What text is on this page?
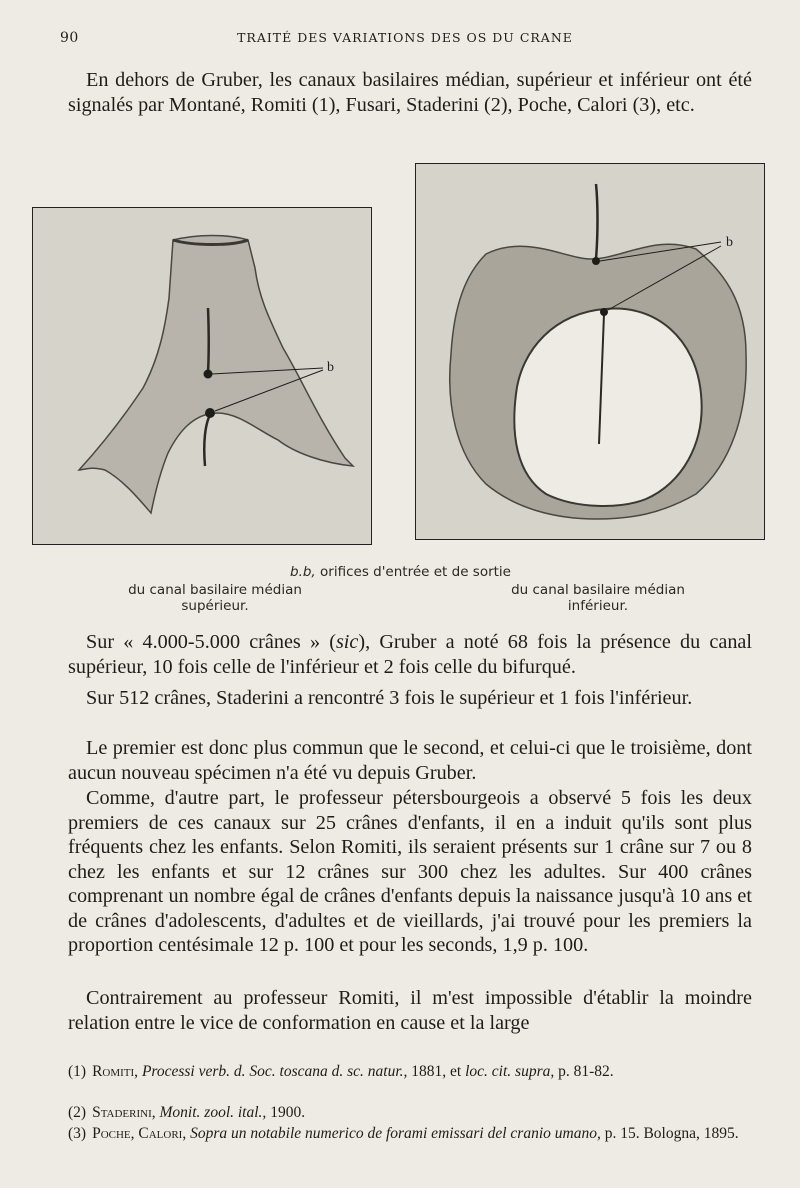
90	TRAITÉ DES VARIATIONS DES OS DU CRANE

En dehors de Gruber, les canaux basilaires médian, supérieur et inférieur ont été signalés par Montané, Romiti (1), Fusari, Staderini (2), Poche, Calori (3), etc.

b
b
b.b, orifices d'entrée et de sortie
du canal basilaire médian
supérieur.
du canal basilaire médian
inférieur.

Sur « 4.000-5.000 crânes » (sic), Gruber a noté 68 fois la présence du canal supérieur, 10 fois celle de l'inférieur et 2 fois celle du bifurqué.

Sur 512 crânes, Staderini a rencontré 3 fois le supérieur et 1 fois l'inférieur.

Le premier est donc plus commun que le second, et celui-ci que le troisième, dont aucun nouveau spécimen n'a été vu depuis Gruber.

Comme, d'autre part, le professeur pétersbourgeois a observé 5 fois les deux premiers de ces canaux sur 25 crânes d'enfants, il en a induit qu'ils sont plus fréquents chez les enfants. Selon Romiti, ils seraient présents sur 1 crâne sur 7 ou 8 chez les enfants et sur 12 crânes sur 300 chez les adultes. Sur 400 crânes comprenant un nombre égal de crânes d'enfants depuis la naissance jusqu'à 10 ans et de crânes d'adolescents, d'adultes et de vieillards, j'ai trouvé pour les premiers la proportion centésimale 12 p. 100 et pour les seconds, 1,9 p. 100.

Contrairement au professeur Romiti, il m'est impossible d'établir la moindre relation entre le vice de conformation en cause et la large

(1) Romiti, Processi verb. d. Soc. toscana d. sc. natur., 1881, et loc. cit. supra, p. 81-82.

(2) Staderini, Monit. zool. ital., 1900.

(3) Poche, Calori, Sopra un notabile numerico de forami emissari del cranio umano, p. 15. Bologna, 1895.
